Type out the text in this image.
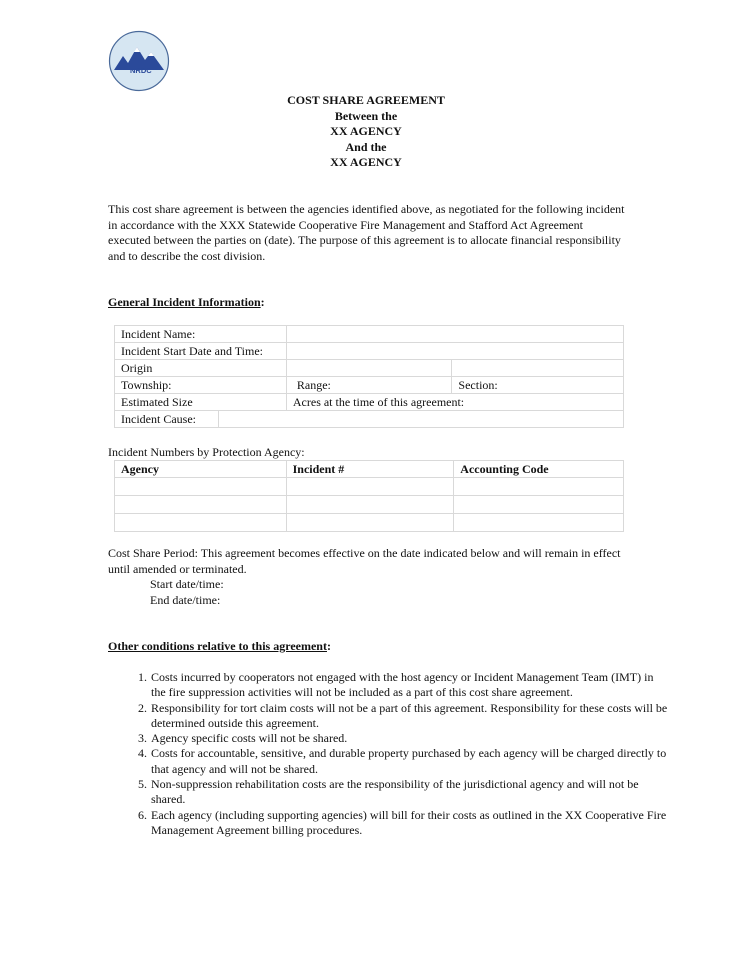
NRDC
COST SHARE AGREEMENT
Between the
XX AGENCY
And the
XX AGENCY
This cost share agreement is between the agencies identified above, as negotiated for the following incident in accordance with the XXX Statewide Cooperative Fire Management and Stafford Act Agreement executed between the parties on (date). The purpose of this agreement is to allocate financial responsibility and to describe the cost division.
General Incident Information:
Incident Name:			
Incident Start Date and Time:			
Origin			
Township:		Range:	Section:
Estimated Size		Acres at the time of this agreement:	
Incident Cause:			
Incident Numbers by Protection Agency:
Agency	Incident #	Accounting Code

Cost Share Period: This agreement becomes effective on the date indicated below and will remain in effect until amended or terminated.
Start date/time:
End date/time:
Other conditions relative to this agreement:
1. Costs incurred by cooperators not engaged with the host agency or Incident Management Team (IMT) in the fire suppression activities will not be included as a part of this cost share agreement.
2. Responsibility for tort claim costs will not be a part of this agreement. Responsibility for these costs will be determined outside this agreement.
3. Agency specific costs will not be shared.
4. Costs for accountable, sensitive, and durable property purchased by each agency will be charged directly to that agency and will not be shared.
5. Non-suppression rehabilitation costs are the responsibility of the jurisdictional agency and will not be shared.
6. Each agency (including supporting agencies) will bill for their costs as outlined in the XX Cooperative Fire Management Agreement billing procedures.
